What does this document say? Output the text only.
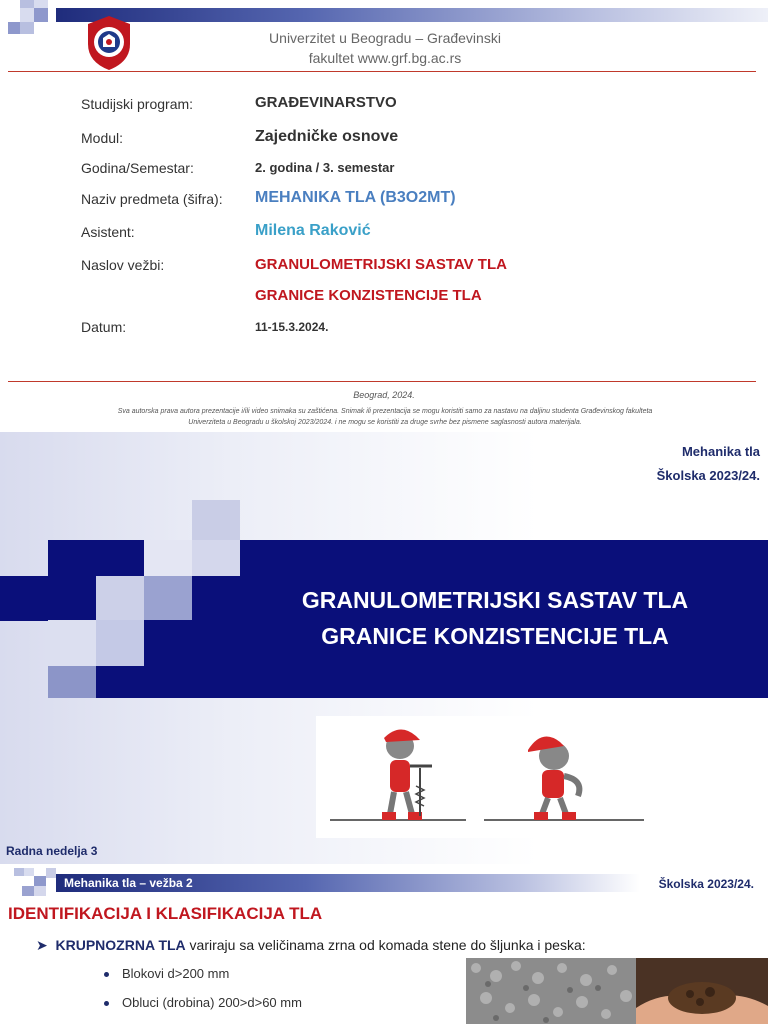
Univerzitet u Beogradu – Građevinski
fakultet www.grf.bg.ac.rs
Studijski program:	GRAĐEVINARSTVO
Modul:	Zajedničke osnove
Godina/Semestar:	2. godina / 3. semestar
Naziv predmeta (šifra): MEHANIKA TLA (B3O2MT)
Asistent:	Milena Raković
Naslov vežbi:	GRANULOMETRIJSKI SASTAV TLA
GRANICE KONZISTENCIJE TLA
Datum:	11-15.3.2024.
Beograd, 2024.
Sva autorska prava autora prezentacije i/ili video snimaka su zaštićena. Snimak ili prezentacija se mogu koristiti samo za nastavu na daljinu studenta Građevinskog fakulteta
Univerziteta u Beogradu u školskoj 2023/2024. i ne mogu se koristiti za druge svrhe bez pismene saglasnosti autora materijala.
Mehanika tla
Školska 2023/24.
GRANULOMETRIJSKI SASTAV TLA
GRANICE KONZISTENCIJE TLA
Radna nedelja 3
Mehanika tla – vežba 2	Školska 2023/24.
IDENTIFIKACIJA I KLASIFIKACIJA TLA
➤  KRUPNOZRNA TLA variraju sa veličinama zrna od komada stene do šljunka i peska:
Blokovi d>200 mm
Obluci (drobina) 200>d>60 mm
